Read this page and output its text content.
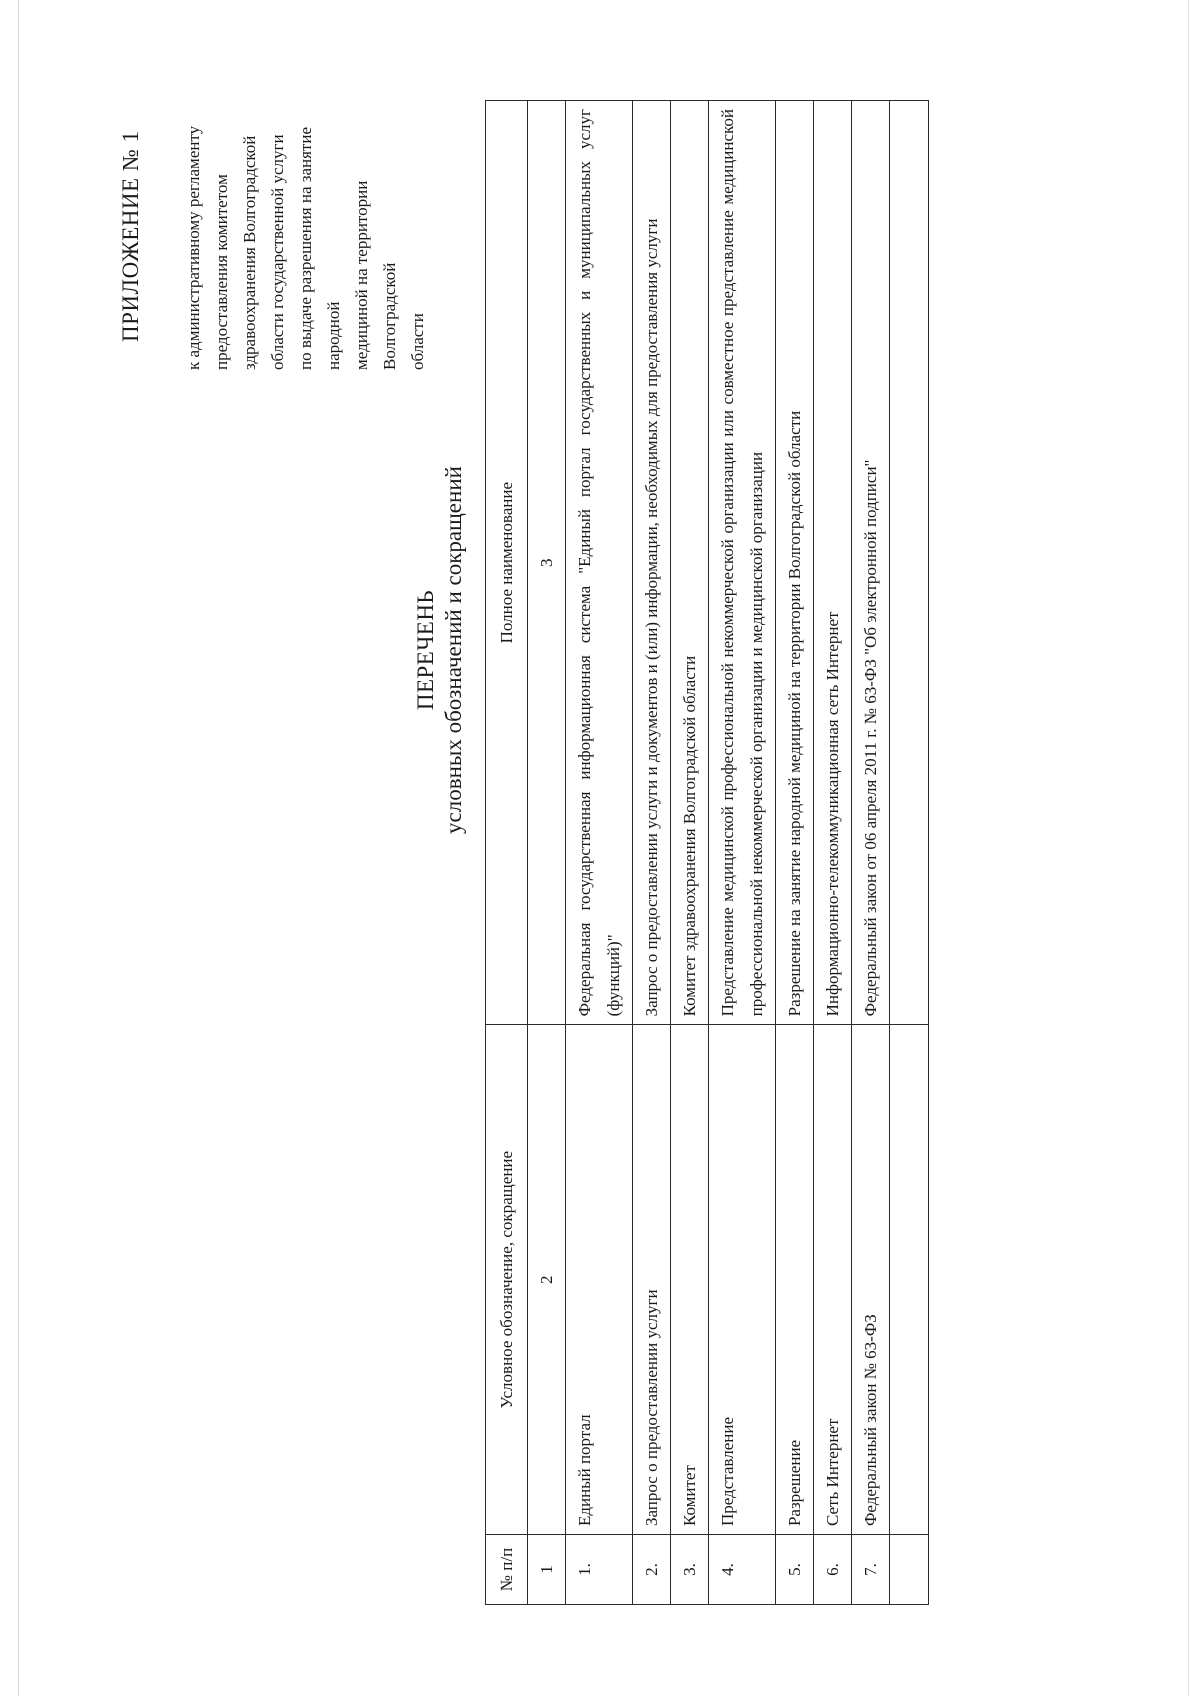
ПРИЛОЖЕНИЕ № 1
к административному регламенту
предоставления комитетом
здравоохранения Волгоградской
области государственной услуги
по выдаче разрешения на занятие народной
медициной на территории Волгоградской
области
ПЕРЕЧЕНЬ условных обозначений и сокращений
№ п/п	Условное обозначение, сокращение	Полное наименование
1	2	3
1.	Единый портал	Федеральная государственная информационная система "Единый портал государственных и муниципальных услуг (функций)"
2.	Запрос о предоставлении услуги	Запрос о предоставлении услуги и документов и (или) информации, необходимых для предоставления услуги
3.	Комитет	Комитет здравоохранения Волгоградской области
4.	Представление	Представление медицинской профессиональной некоммерческой организации или совместное представление медицинской профессиональной некоммерческой организации и медицинской организации
5.	Разрешение	Разрешение на занятие народной медициной на территории Волгоградской области
6.	Сеть Интернет	Информационно-телекоммуникационная сеть Интернет
7.	Федеральный закон № 63-ФЗ	Федеральный закон от 06 апреля 2011 г. № 63-ФЗ "Об электронной подписи"
